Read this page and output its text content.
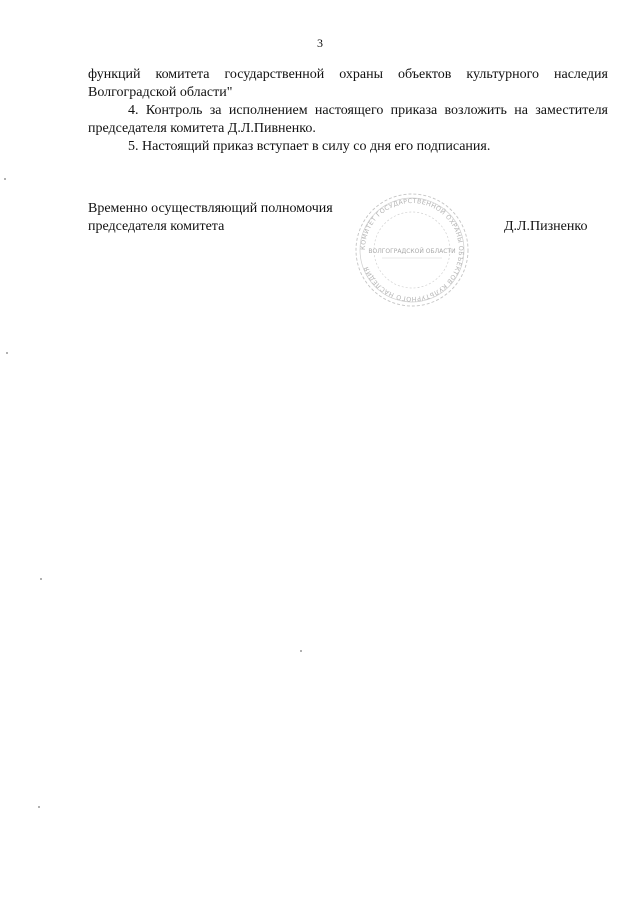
3
функций комитета государственной охраны объектов культурного наследия
Волгоградской области"
4. Контроль за исполнением настоящего приказа возложить на заместителя
председателя комитета Д.Л.Пивненко.
5. Настоящий приказ вступает в силу со дня его подписания.
Временно осуществляющий полномочия
председателя комитета
КОМИТЕТ ГОСУДАРСТВЕННОЙ ОХРАНЫ ОБЪЕКТОВ КУЛЬТУРНОГО НАСЛЕДИЯ
ВОЛГОГРАДСКОЙ ОБЛАСТИ
Д.Л.Пизненко
